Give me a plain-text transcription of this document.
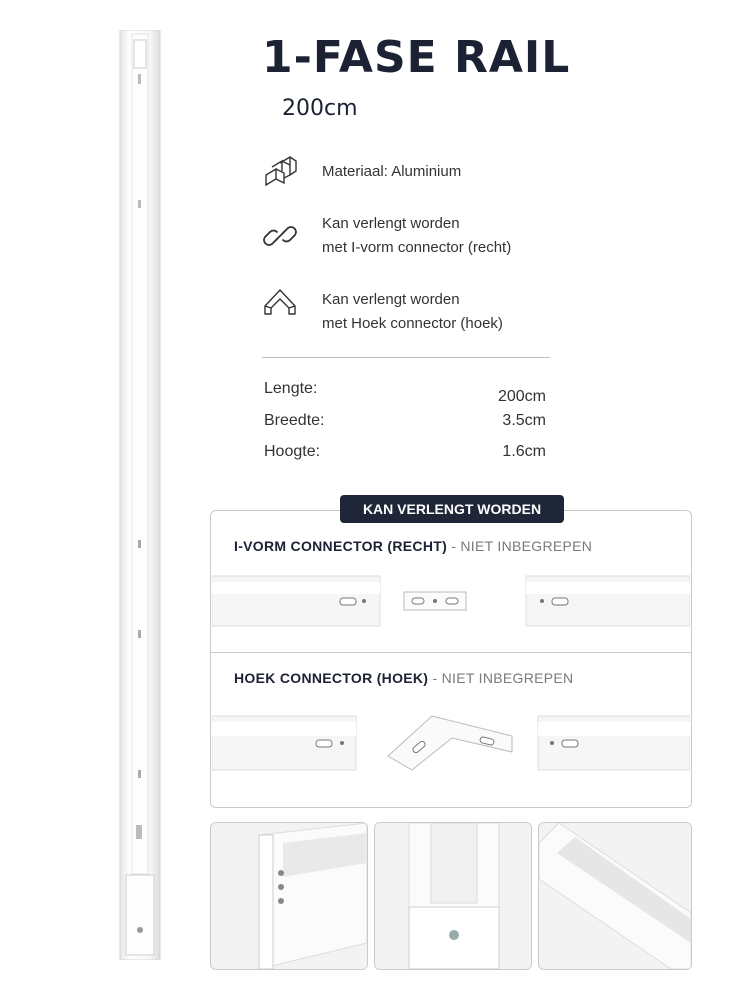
1-FASE RAIL
200cm
Materiaal: Aluminium
Kan verlengt worden
met I-vorm connector (recht)
Kan verlengt worden
met Hoek connector (hoek)
Lengte:	200cm
Breedte:	3.5cm
Hoogte:	1.6cm
KAN VERLENGT WORDEN
I-VORM CONNECTOR (RECHT) - NIET INBEGREPEN
HOEK CONNECTOR (HOEK) - NIET INBEGREPEN
